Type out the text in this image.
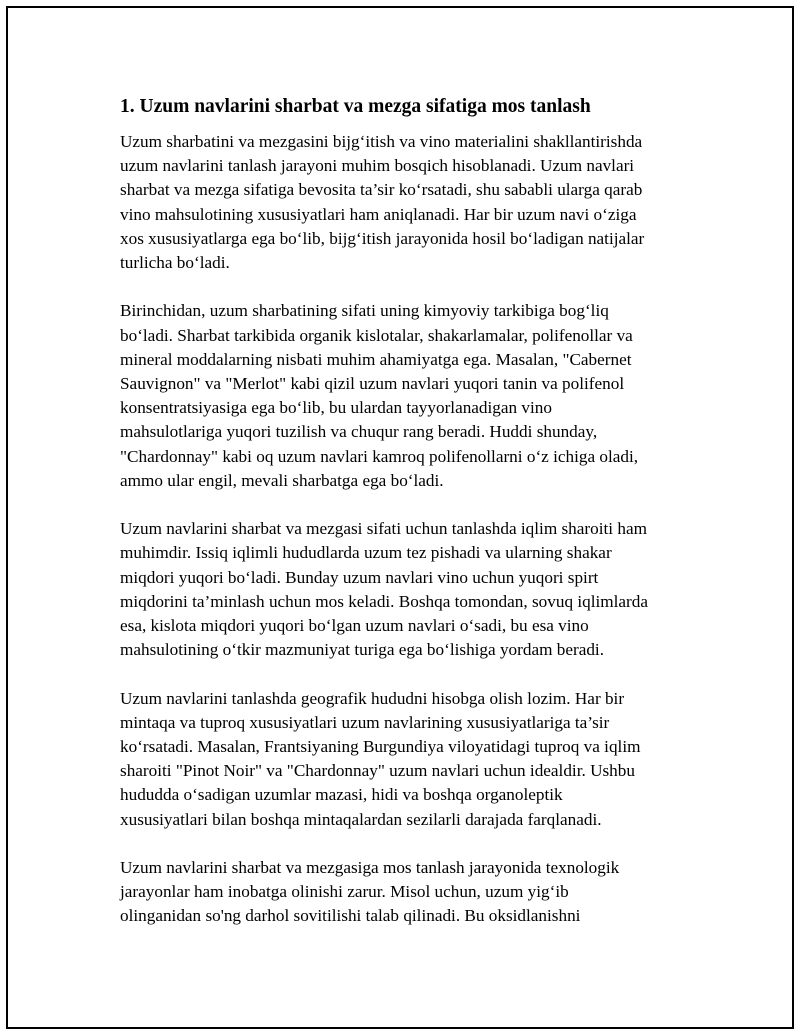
1. Uzum navlarini sharbat va mezga sifatiga mos tanlash

Uzum sharbatini va mezgasini bijg‘itish va vino materialini shakllantirishda
uzum navlarini tanlash jarayoni muhim bosqich hisoblanadi. Uzum navlari
sharbat va mezga sifatiga bevosita ta’sir ko‘rsatadi, shu sababli ularga qarab
vino mahsulotining xususiyatlari ham aniqlanadi. Har bir uzum navi o‘ziga
xos xususiyatlarga ega bo‘lib, bijg‘itish jarayonida hosil bo‘ladigan natijalar
turlicha bo‘ladi.

Birinchidan, uzum sharbatining sifati uning kimyoviy tarkibiga bog‘liq
bo‘ladi. Sharbat tarkibida organik kislotalar, shakarlamalar, polifenollar va
mineral moddalarning nisbati muhim ahamiyatga ega. Masalan, "Cabernet
Sauvignon" va "Merlot" kabi qizil uzum navlari yuqori tanin va polifenol
konsentratsiyasiga ega bo‘lib, bu ulardan tayyorlanadigan vino
mahsulotlariga yuqori tuzilish va chuqur rang beradi. Huddi shunday,
"Chardonnay" kabi oq uzum navlari kamroq polifenollarni o‘z ichiga oladi,
ammo ular engil, mevali sharbatga ega bo‘ladi.

Uzum navlarini sharbat va mezgasi sifati uchun tanlashda iqlim sharoiti ham
muhimdir. Issiq iqlimli hududlarda uzum tez pishadi va ularning shakar
miqdori yuqori bo‘ladi. Bunday uzum navlari vino uchun yuqori spirt
miqdorini ta’minlash uchun mos keladi. Boshqa tomondan, sovuq iqlimlarda
esa, kislota miqdori yuqori bo‘lgan uzum navlari o‘sadi, bu esa vino
mahsulotining o‘tkir mazmuniyat turiga ega bo‘lishiga yordam beradi.

Uzum navlarini tanlashda geografik hududni hisobga olish lozim. Har bir
mintaqa va tuproq xususiyatlari uzum navlarining xususiyatlariga ta’sir
ko‘rsatadi. Masalan, Frantsiyaning Burgundiya viloyatidagi tuproq va iqlim
sharoiti "Pinot Noir" va "Chardonnay" uzum navlari uchun idealdir. Ushbu
hududda o‘sadigan uzumlar mazasi, hidi va boshqa organoleptik
xususiyatlari bilan boshqa mintaqalardan sezilarli darajada farqlanadi.

Uzum navlarini sharbat va mezgasiga mos tanlash jarayonida texnologik
jarayonlar ham inobatga olinishi zarur. Misol uchun, uzum yig‘ib
olinganidan so'ng darhol sovitilishi talab qilinadi. Bu oksidlanishni
